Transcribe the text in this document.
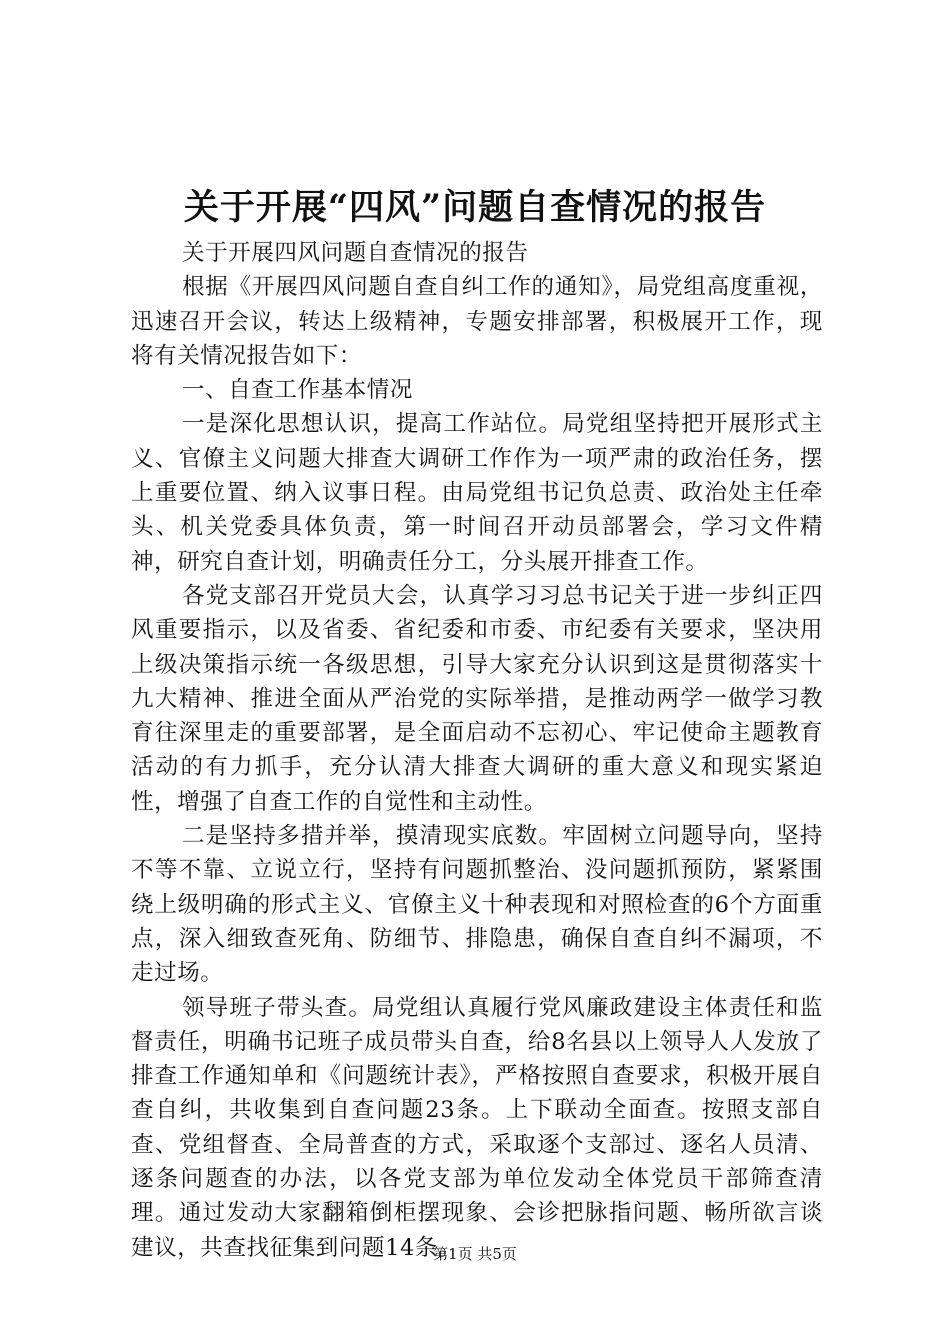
关于开展“四风”问题自查情况的报告

关于开展四风问题自查情况的报告

根据《开展四风问题自查自纠工作的通知》，局党组高度重视，迅速召开会议，转达上级精神，专题安排部署，积极展开工作，现将有关情况报告如下：

一、自查工作基本情况

一是深化思想认识，提高工作站位。局党组坚持把开展形式主义、官僚主义问题大排查大调研工作作为一项严肃的政治任务，摆上重要位置、纳入议事日程。由局党组书记负总责、政治处主任牵头、机关党委具体负责，第一时间召开动员部署会，学习文件精神，研究自查计划，明确责任分工，分头展开排查工作。

各党支部召开党员大会，认真学习习总书记关于进一步纠正四风重要指示，以及省委、省纪委和市委、市纪委有关要求，坚决用上级决策指示统一各级思想，引导大家充分认识到这是贯彻落实十九大精神、推进全面从严治党的实际举措，是推动两学一做学习教育往深里走的重要部署，是全面启动不忘初心、牢记使命主题教育活动的有力抓手，充分认清大排查大调研的重大意义和现实紧迫性，增强了自查工作的自觉性和主动性。

二是坚持多措并举，摸清现实底数。牢固树立问题导向，坚持不等不靠、立说立行，坚持有问题抓整治、没问题抓预防，紧紧围绕上级明确的形式主义、官僚主义十种表现和对照检查的6个方面重点，深入细致查死角、防细节、排隐患，确保自查自纠不漏项，不走过场。

领导班子带头查。局党组认真履行党风廉政建设主体责任和监督责任，明确书记班子成员带头自查，给8名县以上领导人人发放了排查工作通知单和《问题统计表》，严格按照自查要求，积极开展自查自纠，共收集到自查问题23条。上下联动全面查。按照支部自查、党组督查、全局普查的方式，采取逐个支部过、逐名人员清、逐条问题查的办法，以各党支部为单位发动全体党员干部筛查清理。通过发动大家翻箱倒柜摆现象、会诊把脉指问题、畅所欲言谈建议，共查找征集到问题14条。

第1页 共5页
